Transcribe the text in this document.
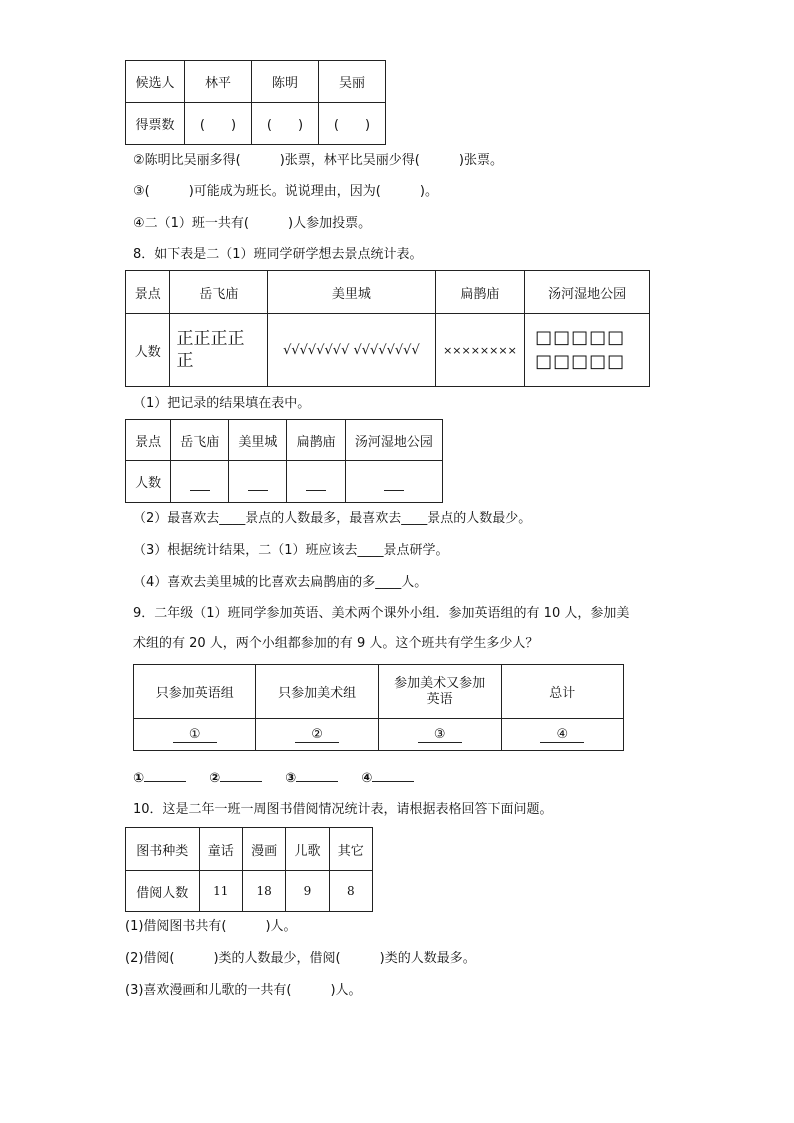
候选人	林平	陈明	吴丽
得票数	(　　)	(　　)	(　　)
②陈明比吴丽多得(　　　)张票，林平比吴丽少得(　　　)张票。
③(　　　)可能成为班长。说说理由，因为(　　　)。
④二（1）班一共有(　　　)人参加投票。
8．如下表是二（1）班同学研学想去景点统计表。
景点	岳飞庙	美里城	扁鹊庙	汤河湿地公园
人数	正正正正正	√√√√√√√√ √√√√√√√√	××××××××	□□□□□□□□□□
（1）把记录的结果填在表中。
景点	岳飞庙	美里城	扁鹊庙	汤河湿地公园
人数				
（2）最喜欢去____景点的人数最多，最喜欢去____景点的人数最少。
（3）根据统计结果，二（1）班应该去____景点研学。
（4）喜欢去美里城的比喜欢去扁鹊庙的多____人。
9．二年级（1）班同学参加英语、美术两个课外小组．参加英语组的有 10 人，参加美
术组的有 20 人，两个小组都参加的有 9 人。这个班共有学生多少人？
只参加英语组	只参加美术组	参加美术又参加英语	总计
①	②	③	④
①	②	③	④
10．这是二年一班一周图书借阅情况统计表，请根据表格回答下面问题。
图书种类	童话	漫画	儿歌	其它
借阅人数	11	18	9	8
(1)借阅图书共有(　　　)人。
(2)借阅(　　　)类的人数最少，借阅(　　　)类的人数最多。
(3)喜欢漫画和儿歌的一共有(　　　)人。
